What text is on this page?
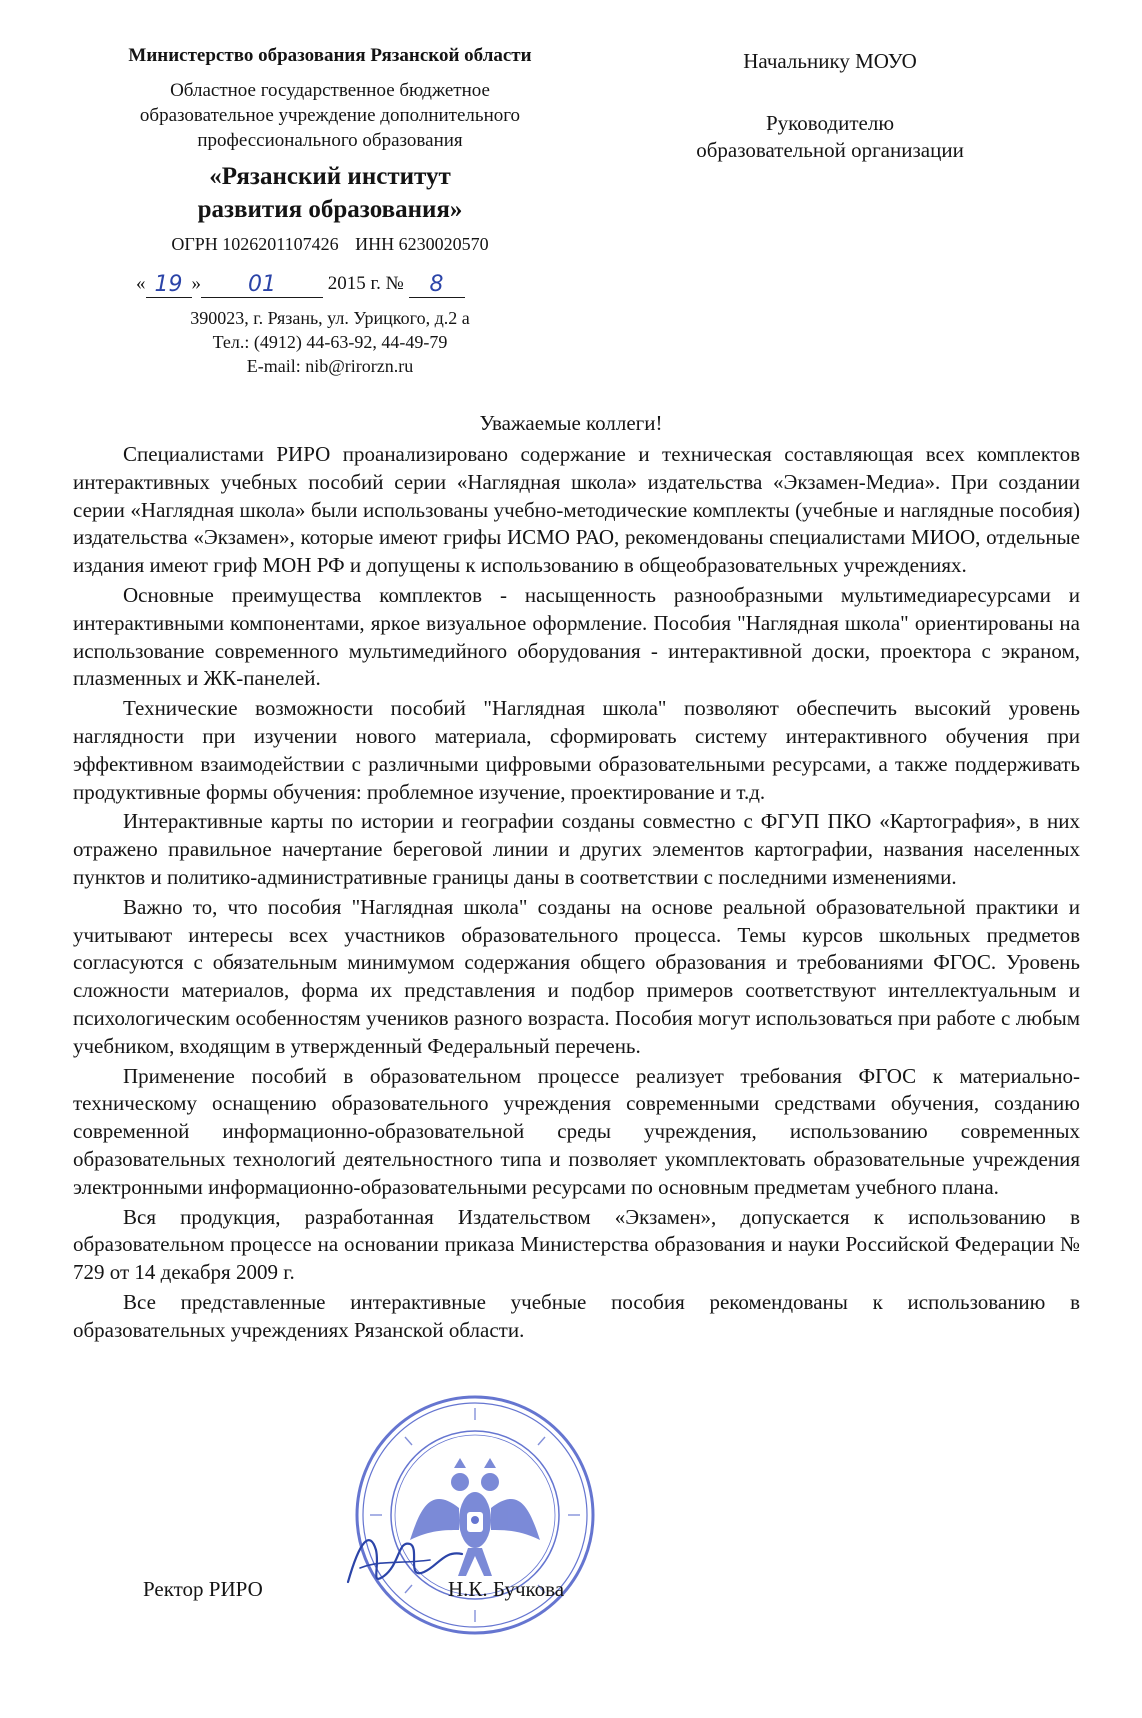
Министерство образования Рязанской области
Областное государственное бюджетное
образовательное учреждение дополнительного
профессионального образования
«Рязанский институт
развития образования»
ОГРН 1026201107426 ИНН 6230020570
« 19 » 01	2015 г. № 8
390023, г. Рязань, ул. Урицкого, д.2 а
Тел.: (4912) 44-63-92, 44-49-79
E-mail: nib@rirorzn.ru
Начальнику МОУО
Руководителю
образовательной организации
Уважаемые коллеги!

Специалистами РИРО проанализировано содержание и техническая составляющая всех комплектов интерактивных учебных пособий серии «Наглядная школа» издательства «Экзамен-Медиа». При создании серии «Наглядная школа» были использованы учебно-методические комплекты (учебные и наглядные пособия) издательства «Экзамен», которые имеют грифы ИСМО РАО, рекомендованы специалистами МИОО, отдельные издания имеют гриф МОН РФ и допущены к использованию в общеобразовательных учреждениях.

Основные преимущества комплектов - насыщенность разнообразными мультимедиаресурсами и интерактивными компонентами, яркое визуальное оформление. Пособия "Наглядная школа" ориентированы на использование современного мультимедийного оборудования - интерактивной доски, проектора с экраном, плазменных и ЖК-панелей.

Технические возможности пособий "Наглядная школа" позволяют обеспечить высокий уровень наглядности при изучении нового материала, сформировать систему интерактивного обучения при эффективном взаимодействии с различными цифровыми образовательными ресурсами, а также поддерживать продуктивные формы обучения: проблемное изучение, проектирование и т.д.

Интерактивные карты по истории и географии созданы совместно с ФГУП ПКО «Картография», в них отражено правильное начертание береговой линии и других элементов картографии, названия населенных пунктов и политико-административные границы даны в соответствии с последними изменениями.

Важно то, что пособия "Наглядная школа" созданы на основе реальной образовательной практики и учитывают интересы всех участников образовательного процесса. Темы курсов школьных предметов согласуются с обязательным минимумом содержания общего образования и требованиями ФГОС. Уровень сложности материалов, форма их представления и подбор примеров соответствуют интеллектуальным и психологическим особенностям учеников разного возраста. Пособия могут использоваться при работе с любым учебником, входящим в утвержденный Федеральный перечень.

Применение пособий в образовательном процессе реализует требования ФГОС к материально-техническому оснащению образовательного учреждения современными средствами обучения, созданию современной информационно-образовательной среды учреждения, использованию современных образовательных технологий деятельностного типа и позволяет укомплектовать образовательные учреждения электронными информационно-образовательными ресурсами по основным предметам учебного плана.

Вся продукция, разработанная Издательством «Экзамен», допускается к использованию в образовательном процессе на основании приказа Министерства образования и науки Российской Федерации № 729 от 14 декабря 2009 г.

Все представленные интерактивные учебные пособия рекомендованы к использованию в образовательных учреждениях Рязанской области.

Ректор РИРО	Н.К. Бучкова
